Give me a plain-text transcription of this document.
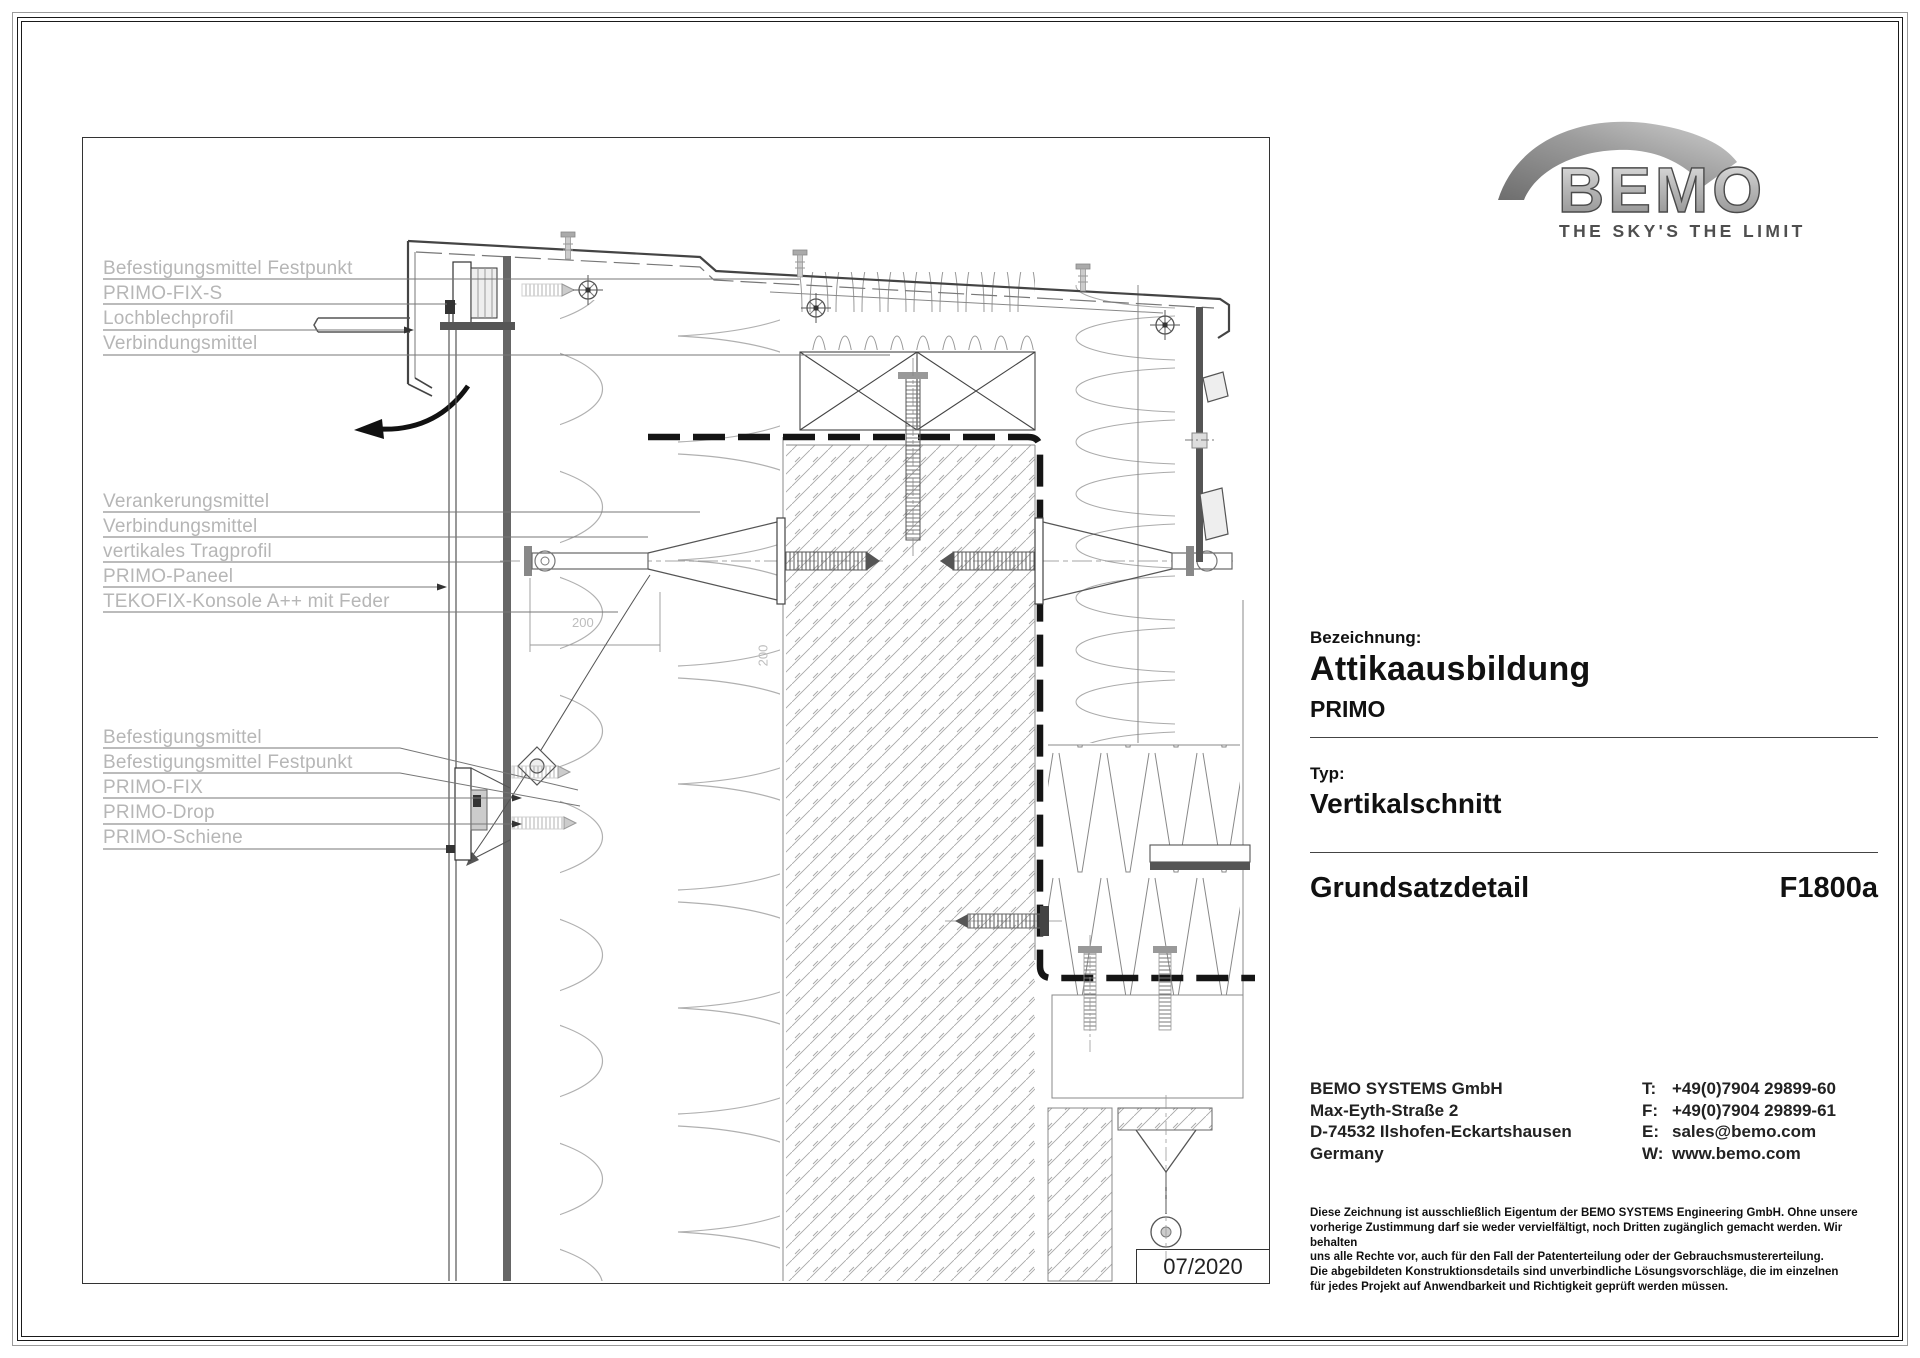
Befestigungsmittel Festpunkt
PRIMO-FIX-S
Lochblechprofil
Verbindungsmittel
Verankerungsmittel
Verbindungsmittel
vertikales Tragprofil
PRIMO-Paneel
TEKOFIX-Konsole A++ mit Feder
Befestigungsmittel
Befestigungsmittel Festpunkt
PRIMO-FIX
PRIMO-Drop
PRIMO-Schiene
200
200
07/2020
BEMO
THE SKY'S THE LIMIT
Bezeichnung:
Attikaausbildung
PRIMO
Typ:
Vertikalschnitt
Grundsatzdetail	F1800a
BEMO SYSTEMS GmbH
Max-Eyth-Straße 2
D-74532 Ilshofen-Eckartshausen
Germany
T: +49(0)7904 29899-60
F: +49(0)7904 29899-61
E: sales@bemo.com
W: www.bemo.com
Diese Zeichnung ist ausschließlich Eigentum der BEMO SYSTEMS Engineering GmbH. Ohne unsere
vorherige Zustimmung darf sie weder vervielfältigt, noch Dritten zugänglich gemacht werden. Wir behalten
uns alle Rechte vor, auch für den Fall der Patenterteilung oder der Gebrauchsmustererteilung.
Die abgebildeten Konstruktionsdetails sind unverbindliche Lösungsvorschläge, die im einzelnen
für jedes Projekt auf Anwendbarkeit und Richtigkeit geprüft werden müssen.
